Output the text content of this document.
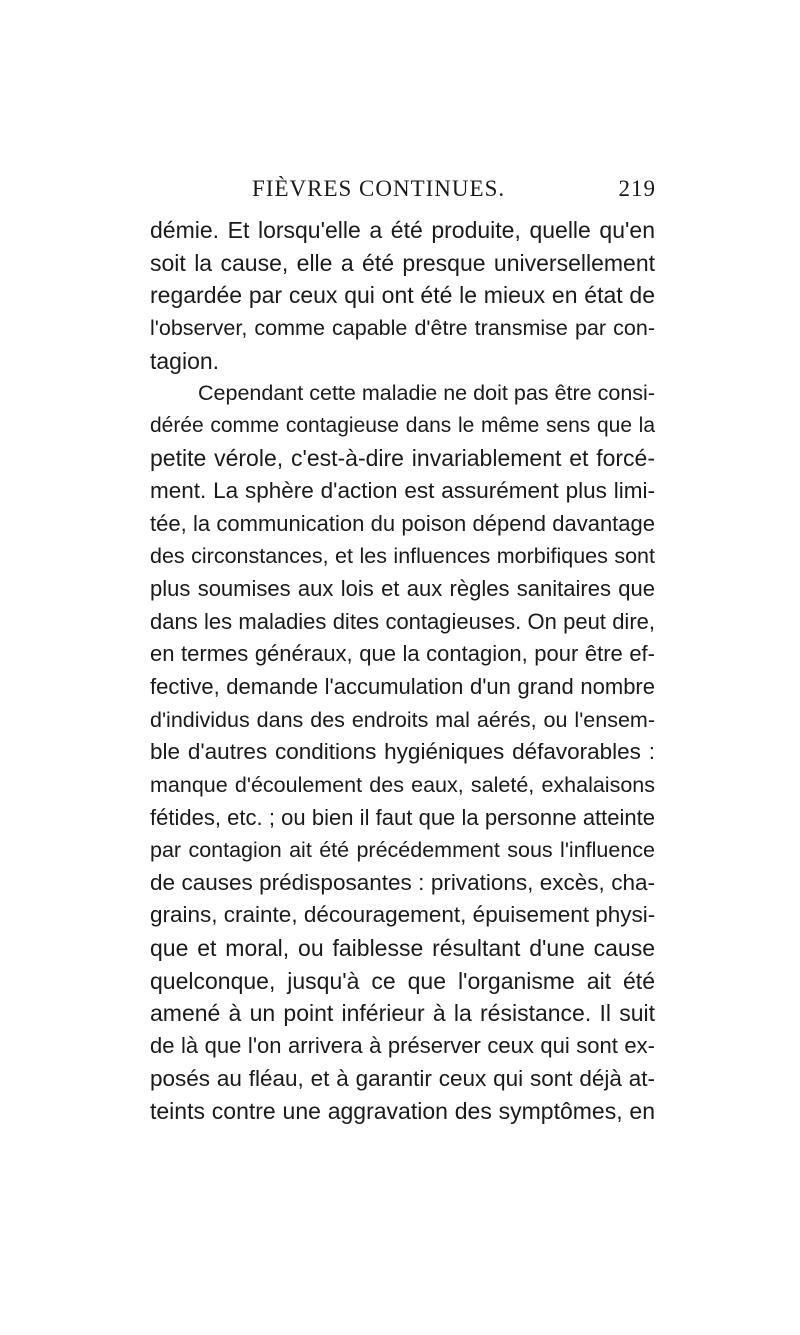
FIÈVRES CONTINUES.	219
démie. Et lorsqu'elle a été produite, quelle qu'en
soit la cause, elle a été presque universellement
regardée par ceux qui ont été le mieux en état de
l'observer, comme capable d'être transmise par con-
tagion.
Cependant cette maladie ne doit pas être consi-
dérée comme contagieuse dans le même sens que la
petite vérole, c'est-à-dire invariablement et forcé-
ment. La sphère d'action est assurément plus limi-
tée, la communication du poison dépend davantage
des circonstances, et les influences morbifiques sont
plus soumises aux lois et aux règles sanitaires que
dans les maladies dites contagieuses. On peut dire,
en termes généraux, que la contagion, pour être ef-
fective, demande l'accumulation d'un grand nombre
d'individus dans des endroits mal aérés, ou l'ensem-
ble d'autres conditions hygiéniques défavorables :
manque d'écoulement des eaux, saleté, exhalaisons
fétides, etc. ; ou bien il faut que la personne atteinte
par contagion ait été précédemment sous l'influence
de causes prédisposantes : privations, excès, cha-
grains, crainte, découragement, épuisement physi-
que et moral, ou faiblesse résultant d'une cause
quelconque, jusqu'à ce que l'organisme ait été
amené à un point inférieur à la résistance. Il suit
de là que l'on arrivera à préserver ceux qui sont ex-
posés au fléau, et à garantir ceux qui sont déjà at-
teints contre une aggravation des symptômes, en
